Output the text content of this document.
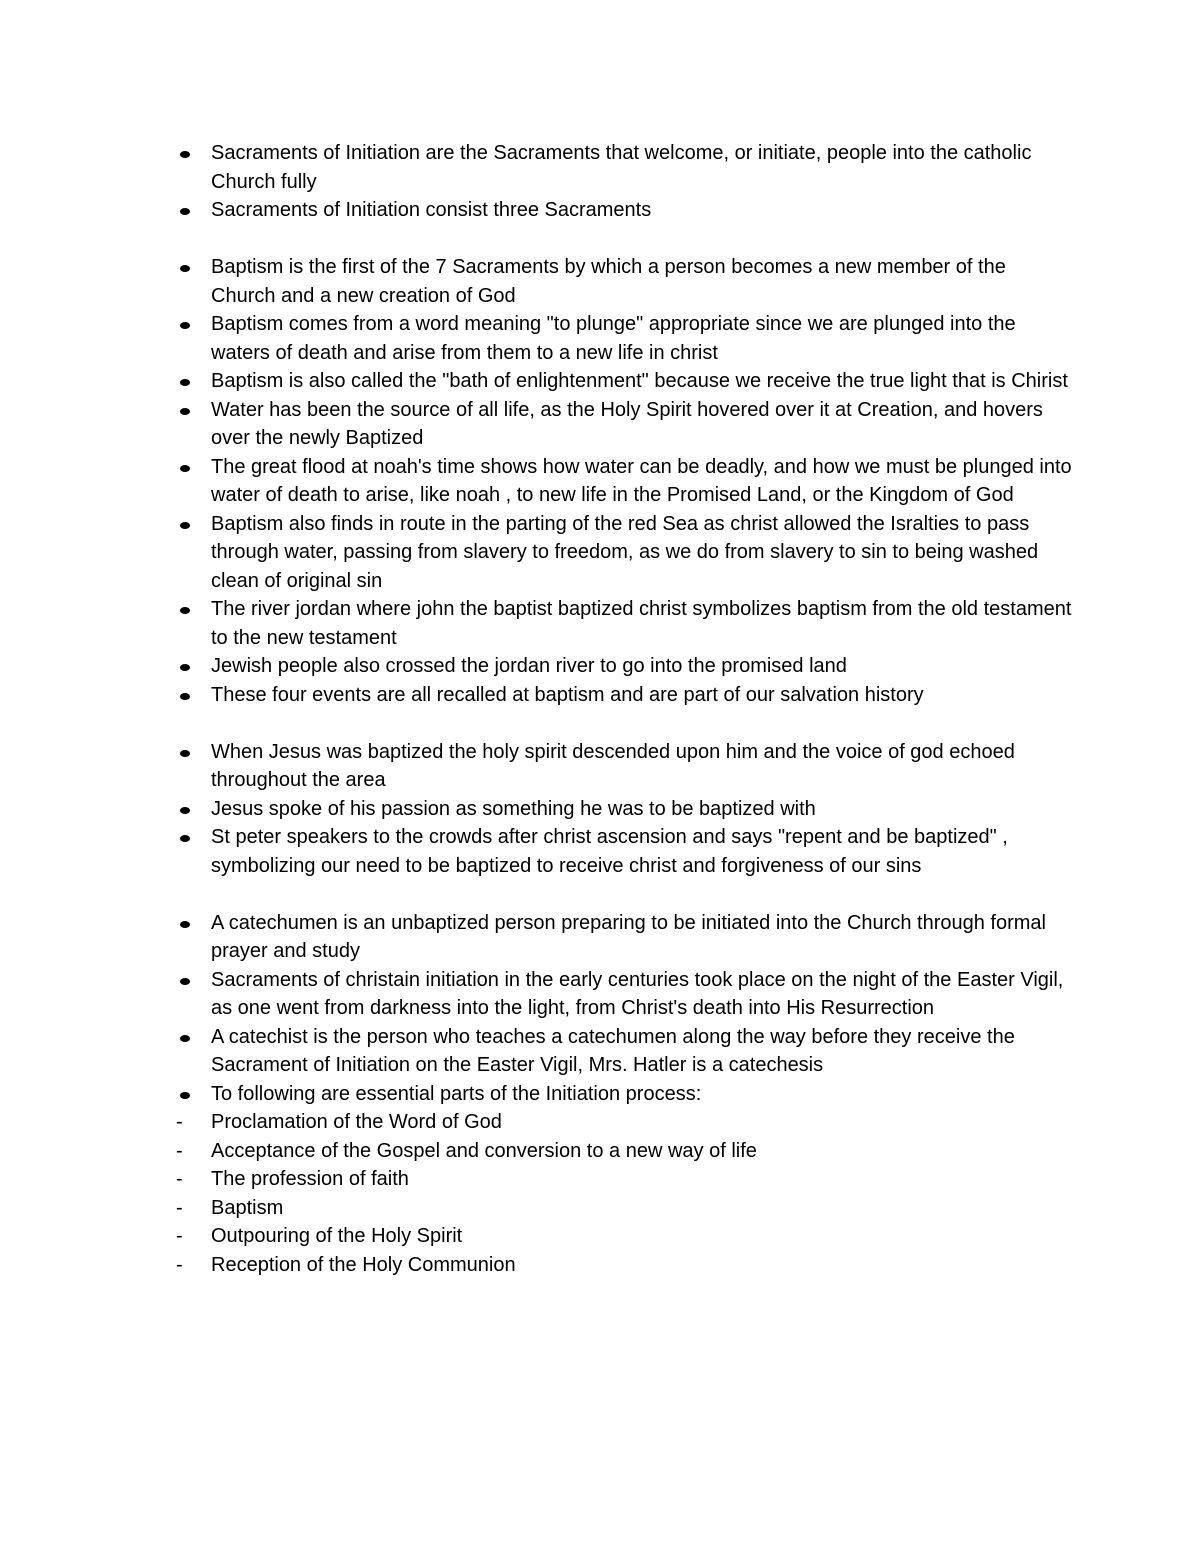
Sacraments of Initiation are the Sacraments that welcome, or initiate, people into the catholic Church fully
Sacraments of Initiation consist three Sacraments
Baptism is the first of the 7 Sacraments by which a person becomes a new member of the Church and a new creation of God
Baptism comes from a word meaning "to plunge" appropriate since we are plunged into the waters of death and arise from them to a new life in christ
Baptism is also called the "bath of enlightenment" because we receive the true light that is Chirist
Water has been the source of all life, as the Holy Spirit hovered over it at Creation, and hovers over the newly Baptized
The great flood at noah's time shows how water can be deadly, and how we must be plunged into water of death to arise, like noah , to new life in the Promised Land, or the Kingdom of God
Baptism also finds in route in the parting of the red Sea as christ allowed the Isralties to pass through water, passing from slavery to freedom, as we do from slavery to sin to being washed clean of original sin
The river jordan where john the baptist baptized christ symbolizes baptism from the old testament to the new testament
Jewish people also crossed the jordan river to go into the promised land
These four events are all recalled at baptism and are part of our salvation history
When Jesus was baptized the holy spirit descended upon him and the voice of god echoed throughout the area
Jesus spoke of his passion as something he was to be baptized with
St peter speakers to the crowds after christ ascension and says "repent and be baptized" , symbolizing our need to be baptized to receive christ and forgiveness of our sins
A catechumen is an unbaptized person preparing to be initiated into the Church through formal prayer and study
Sacraments of christain initiation in the early centuries took place on the night of the Easter Vigil, as one went from darkness into the light, from Christ's death into His Resurrection
A catechist is the person who teaches a catechumen along the way before they receive the Sacrament of Initiation on the Easter Vigil, Mrs. Hatler is a catechesis
To following are essential parts of the Initiation process:
- Proclamation of the Word of God
- Acceptance of the Gospel and conversion to a new way of life
- The profession of faith
- Baptism
- Outpouring of the Holy Spirit
- Reception of the Holy Communion
